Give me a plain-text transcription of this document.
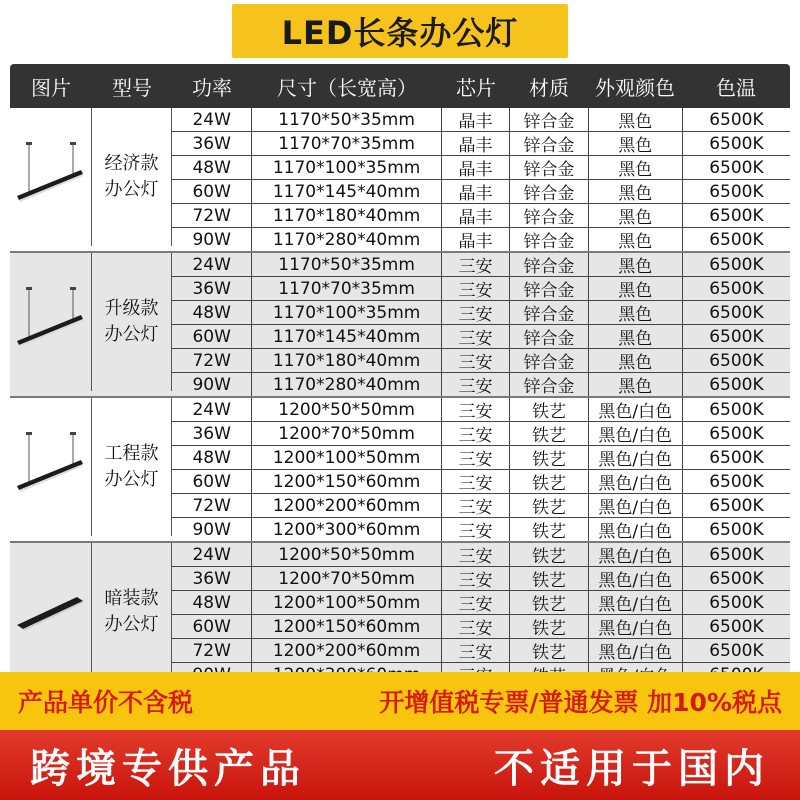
LED长条办公灯
图片	型号	功率	尺寸（长宽高）	芯片	材质	外观颜色	色温
经济款
办公灯
24W	1170*50*35mm	晶丰	锌合金	黑色	6500K
36W	1170*70*35mm	晶丰	锌合金	黑色	6500K
48W	1170*100*35mm	晶丰	锌合金	黑色	6500K
60W	1170*145*40mm	晶丰	锌合金	黑色	6500K
72W	1170*180*40mm	晶丰	锌合金	黑色	6500K
90W	1170*280*40mm	晶丰	锌合金	黑色	6500K
升级款
办公灯
24W	1170*50*35mm	三安	锌合金	黑色	6500K
36W	1170*70*35mm	三安	锌合金	黑色	6500K
48W	1170*100*35mm	三安	锌合金	黑色	6500K
60W	1170*145*40mm	三安	锌合金	黑色	6500K
72W	1170*180*40mm	三安	锌合金	黑色	6500K
90W	1170*280*40mm	三安	锌合金	黑色	6500K
工程款
办公灯
24W	1200*50*50mm	三安	铁艺	黑色/白色	6500K
36W	1200*70*50mm	三安	铁艺	黑色/白色	6500K
48W	1200*100*50mm	三安	铁艺	黑色/白色	6500K
60W	1200*150*60mm	三安	铁艺	黑色/白色	6500K
72W	1200*200*60mm	三安	铁艺	黑色/白色	6500K
90W	1200*300*60mm	三安	铁艺	黑色/白色	6500K
暗装款
办公灯
24W	1200*50*50mm	三安	铁艺	黑色/白色	6500K
36W	1200*70*50mm	三安	铁艺	黑色/白色	6500K
48W	1200*100*50mm	三安	铁艺	黑色/白色	6500K
60W	1200*150*60mm	三安	铁艺	黑色/白色	6500K
72W	1200*200*60mm	三安	铁艺	黑色/白色	6500K
产品单价不含税	开增值税专票/普通发票 加10%税点
跨境专供产品	不适用于国内
